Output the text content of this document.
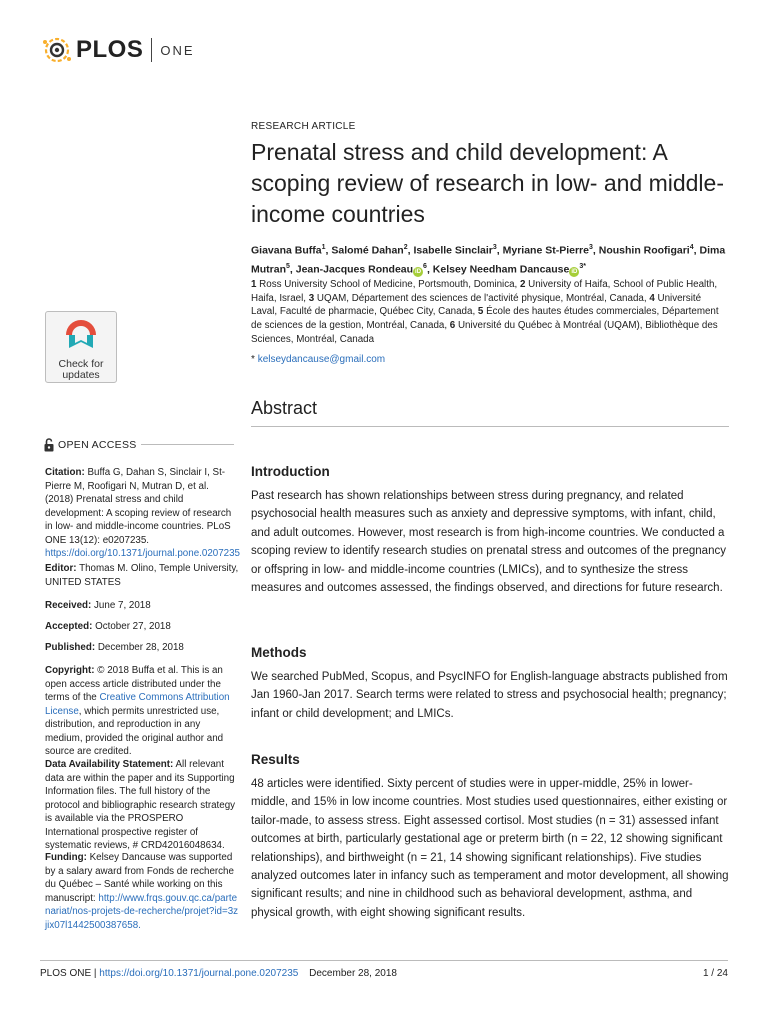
PLOS ONE
Check for
updates
OPEN ACCESS
Citation: Buffa G, Dahan S, Sinclair I, St-Pierre M, Roofigari N, Mutran D, et al. (2018) Prenatal stress and child development: A scoping review of research in low- and middle-income countries. PLoS ONE 13(12): e0207235. https://doi.org/10.1371/journal.pone.0207235
Editor: Thomas M. Olino, Temple University, UNITED STATES
Received: June 7, 2018
Accepted: October 27, 2018
Published: December 28, 2018
Copyright: © 2018 Buffa et al. This is an open access article distributed under the terms of the Creative Commons Attribution License, which permits unrestricted use, distribution, and reproduction in any medium, provided the original author and source are credited.
Data Availability Statement: All relevant data are within the paper and its Supporting Information files. The full history of the protocol and bibliographic research strategy is available via the PROSPERO International prospective register of systematic reviews, # CRD42016048634.
Funding: Kelsey Dancause was supported by a salary award from Fonds de recherche du Québec – Santé while working on this manuscript: http://www.frqs.gouv.qc.ca/partenariat/nos-projets-de-recherche/projet?id=3zjix07l1442500387658.
RESEARCH ARTICLE
Prenatal stress and child development: A scoping review of research in low- and middle-income countries
Giavana Buffa$^1$, Salomé Dahan$^2$, Isabelle Sinclair$^3$, Myriane St-Pierre$^3$, Noushin Roofigari$^4$, Dima Mutran$^5$, Jean-Jacques Rondeau $iD^6$, Kelsey Needham Dancause $iD^{3*}$
1 Ross University School of Medicine, Portsmouth, Dominica, 2 University of Haifa, School of Public Health, Haifa, Israel, 3 UQAM, Département des sciences de l'activité physique, Montréal, Canada, 4 Université Laval, Faculté de pharmacie, Québec City, Canada, 5 École des hautes études commerciales, Département de sciences de la gestion, Montréal, Canada, 6 Université du Québec à Montréal (UQAM), Bibliothèque des Sciences, Montréal, Canada
* kelseydancause@gmail.com
Abstract
Introduction
Past research has shown relationships between stress during pregnancy, and related psychosocial health measures such as anxiety and depressive symptoms, with infant, child, and adult outcomes. However, most research is from high-income countries. We conducted a scoping review to identify research studies on prenatal stress and outcomes of the pregnancy or offspring in low- and middle-income countries (LMICs), and to synthesize the stress measures and outcomes assessed, the findings observed, and directions for future research.
Methods
We searched PubMed, Scopus, and PsycINFO for English-language abstracts published from Jan 1960-Jan 2017. Search terms were related to stress and psychosocial health; pregnancy; infant or child development; and LMICs.
Results
48 articles were identified. Sixty percent of studies were in upper-middle, 25% in lower-middle, and 15% in low income countries. Most studies used questionnaires, either existing or tailor-made, to assess stress. Eight assessed cortisol. Most studies (n = 31) assessed infant outcomes at birth, particularly gestational age or preterm birth (n = 22, 12 showing significant relationships), and birthweight (n = 21, 14 showing significant relationships). Five studies analyzed outcomes later in infancy such as temperament and motor development, all showing significant results; and nine in childhood such as behavioral development, asthma, and physical growth, with eight showing significant results.
PLOS ONE | https://doi.org/10.1371/journal.pone.0207235 December 28, 2018	1 / 24
